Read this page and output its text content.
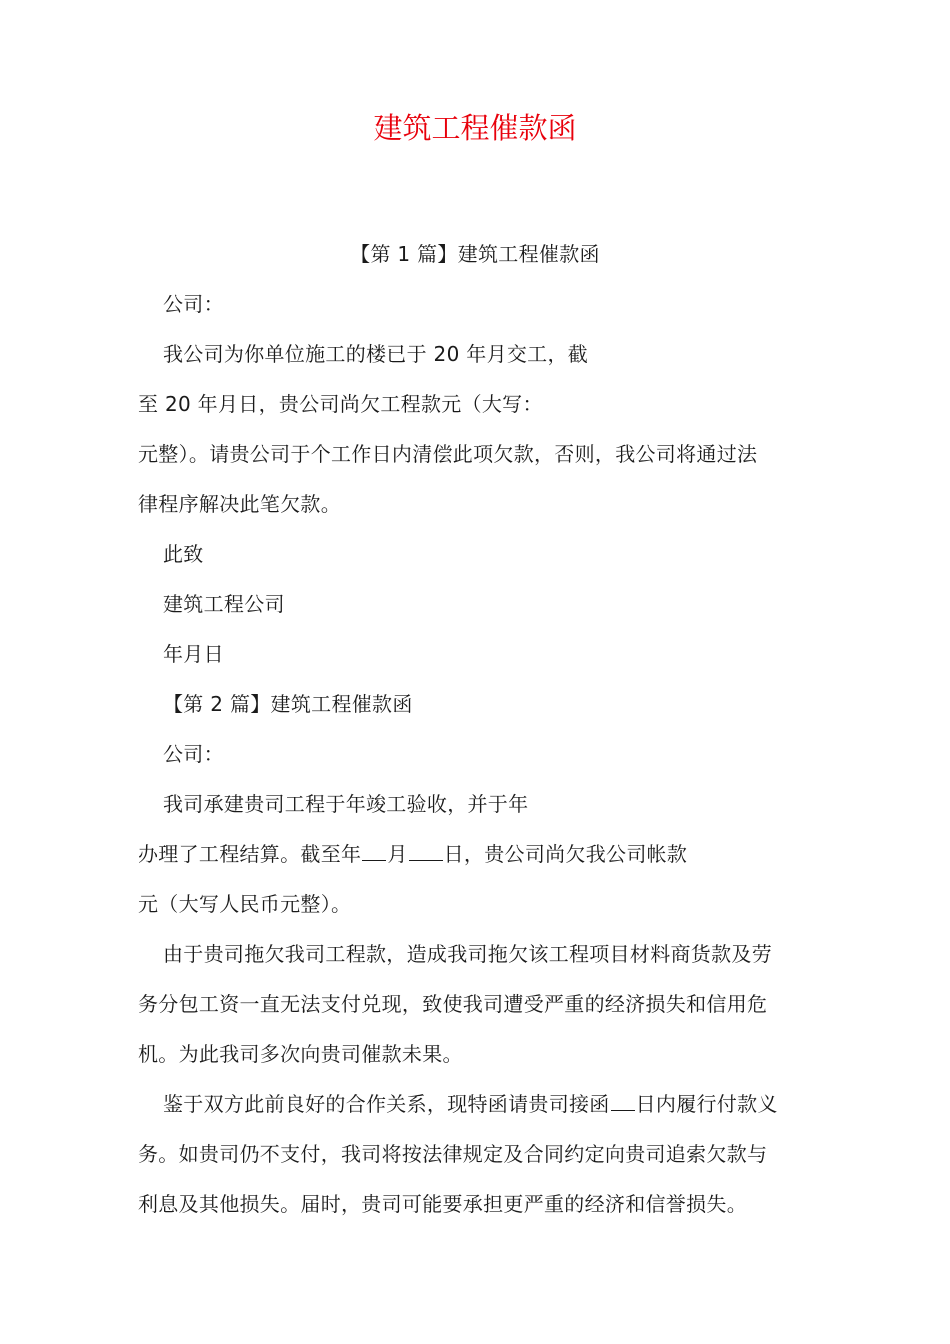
建筑工程催款函
【第 1 篇】建筑工程催款函
公司：
我公司为你单位施工的楼已于 20 年月交工，截
至 20 年月日，贵公司尚欠工程款元（大写：
元整）。请贵公司于个工作日内清偿此项欠款，否则，我公司将通过法
律程序解决此笔欠款。
此致
建筑工程公司
年月日
【第 2 篇】建筑工程催款函
公司：
我司承建贵司工程于年竣工验收，并于年
办理了工程结算。截至年 月 日，贵公司尚欠我公司帐款
元（大写人民币元整）。
由于贵司拖欠我司工程款，造成我司拖欠该工程项目材料商货款及劳
务分包工资一直无法支付兑现，致使我司遭受严重的经济损失和信用危
机。为此我司多次向贵司催款未果。
鉴于双方此前良好的合作关系，现特函请贵司接函 日内履行付款义
务。如贵司仍不支付，我司将按法律规定及合同约定向贵司追索欠款与
利息及其他损失。届时，贵司可能要承担更严重的经济和信誉损失。
